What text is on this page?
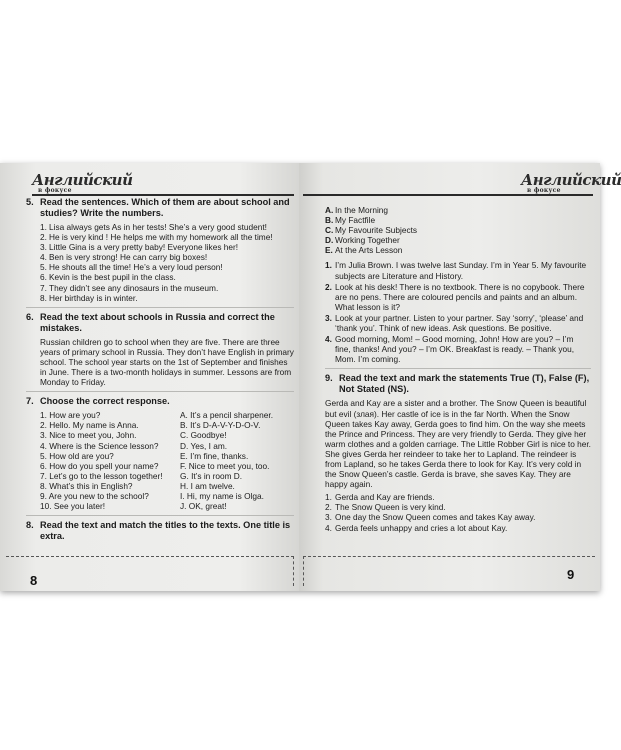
Английский
в фокусе
5. Read the sentences. Which of them are about school and studies? Write the numbers.
1. Lisa always gets As in her tests! She’s a very good student!
2. He is very kind ! He helps me with my homework all the time!
3. Little Gina is a very pretty baby! Everyone likes her!
4. Ben is very strong! He can carry big boxes!
5. He shouts all the time! He’s a very loud person!
6. Kevin is the best pupil in the class.
7. They didn’t see any dinosaurs in the museum.
8. Her birthday is in winter.
6. Read the text about schools in Russia and correct the mistakes.
Russian children go to school when they are five. There are three years of primary school in Russia. They don’t have English in primary school. The school year starts on the 1st of September and finishes in June. There is a two-month holidays in summer. Lessons are from Monday to Friday.
7. Choose the correct response.
1. How are you?
2. Hello. My name is Anna.
3. Nice to meet you, John.
4. Where is the Science lesson?
5. How old are you?
6. How do you spell your name?
7. Let’s go to the lesson together!
8. What’s this in English?
9. Are you new to the school?
10. See you later!
A. It’s a pencil sharpener.
B. It’s D-A-V-Y-D-O-V.
C. Goodbye!
D. Yes, I am.
E. I’m fine, thanks.
F. Nice to meet you, too.
G. It’s in room D.
H. I am twelve.
I. Hi, my name is Olga.
J. OK, great!
8. Read the text and match the titles to the texts. One title is extra.
8
Английский
в фокусе
A. In the Morning
B. My Factfile
C. My Favourite Subjects
D. Working Together
E. At the Arts Lesson
1. I’m Julia Brown. I was twelve last Sunday. I’m in Year 5. My favourite subjects are Literature and History.
2. Look at his desk! There is no textbook. There is no copybook. There are no pens. There are coloured pencils and paints and an album. What lesson is it?
3. Look at your partner. Listen to your partner. Say ‘sorry’, ‘please’ and ‘thank you’. Think of new ideas. Ask questions. Be positive.
4. Good morning, Mom! – Good morning, John! How are you? – I’m fine, thanks! And you? – I’m OK. Breakfast is ready. – Thank you, Mom. I’m coming.
9. Read the text and mark the statements True (T), False (F), Not Stated (NS).
Gerda and Kay are a sister and a brother. The Snow Queen is beautiful but evil (злая). Her castle of ice is in the far North. When the Snow Queen takes Kay away, Gerda goes to find him. On the way she meets the Prince and Princess. They are very friendly to Gerda. They give her warm clothes and a golden carriage. The Little Robber Girl is nice to her. She gives Gerda her reindeer to take her to Lapland. The reindeer is from Lapland, so he takes Gerda there to look for Kay. It’s very cold in the Snow Queen’s castle. Gerda is brave, she saves Kay. They are happy again.
1. Gerda and Kay are friends.
2. The Snow Queen is very kind.
3. One day the Snow Queen comes and takes Kay away.
4. Gerda feels unhappy and cries a lot about Kay.
9
